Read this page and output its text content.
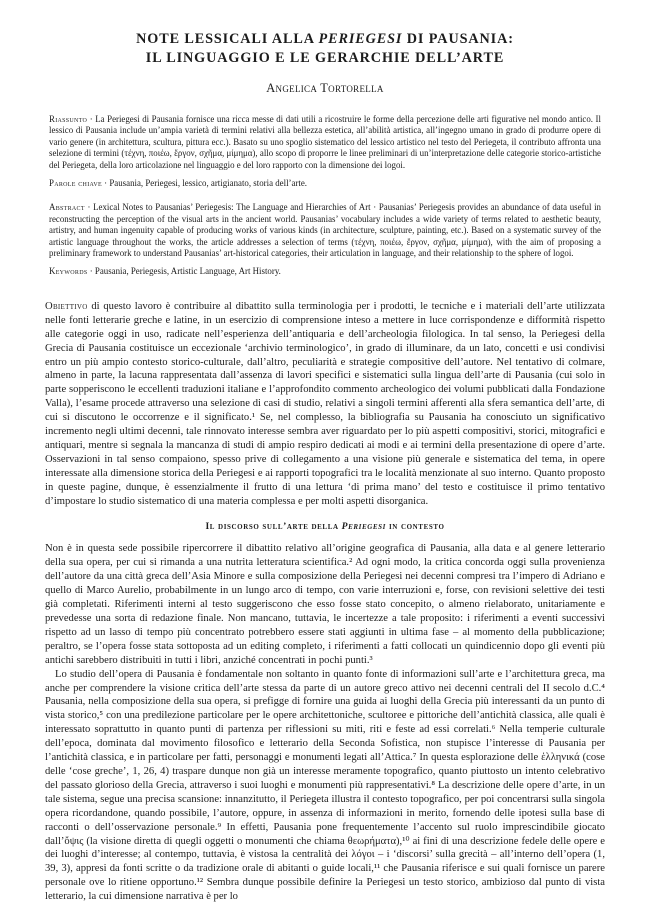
NOTE LESSICALI ALLA PERIEGESI DI PAUSANIA:
IL LINGUAGGIO E LE GERARCHIE DELL’ARTE
Angelica Tortorella

Riassunto · La Periegesi di Pausania fornisce una ricca messe di dati utili a ricostruire le forme della percezione delle arti figurative nel mondo antico. Il lessico di Pausania include un’ampia varietà di termini relativi alla bellezza estetica, all’abilità artistica, all’ingegno umano in grado di produrre opere di vario genere (in architettura, scultura, pittura ecc.). Basato su uno spoglio sistematico del lessico artistico nel testo del Periegeta, il contributo affronta una selezione di termini (τέχνη, ποιέω, ἔργον, σχῆμα, μίμημα), allo scopo di proporre le linee preliminari di un’interpretazione delle categorie storico-artistiche del Periegeta, della loro articolazione nel linguaggio e del loro rapporto con la dimensione dei logoi.

Parole chiave · Pausania, Periegesi, lessico, artigianato, storia dell’arte.

Abstract · Lexical Notes to Pausanias’ Periegesis: The Language and Hierarchies of Art · Pausanias’ Periegesis provides an abundance of data useful in reconstructing the perception of the visual arts in the ancient world. Pausanias’ vocabulary includes a wide variety of terms related to aesthetic beauty, artistry, and human ingenuity capable of producing works of various kinds (in architecture, sculpture, painting, etc.). Based on a systematic survey of the artistic language throughout the works, the article addresses a selection of terms (τέχνη, ποιέω, ἔργον, σχῆμα, μίμημα), with the aim of proposing a preliminary framework to understand Pausanias’ art-historical categories, their articulation in language, and their relationship to the sphere of logoi.

Keywords · Pausania, Periegesis, Artistic Language, Art History.

Obiettivo di questo lavoro è contribuire al dibattito sulla terminologia per i prodotti, le tecniche e i materiali dell’arte utilizzata nelle fonti letterarie greche e latine, in un esercizio di comprensione inteso a mettere in luce corrispondenze e difformità rispetto alle categorie oggi in uso, radicate nell’esperienza dell’antiquaria e dell’archeologia filologica. In tal senso, la Periegesi della Grecia di Pausania costituisce un eccezionale ‘archivio terminologico’, in grado di illuminare, da un lato, concetti e usi condivisi entro un più ampio contesto storico-culturale, dall’altro, peculiarità e strategie compositive dell’autore. Nel tentativo di colmare, almeno in parte, la lacuna rappresentata dall’assenza di lavori specifici e sistematici sulla lingua dell’arte di Pausania (cui solo in parte sopperiscono le eccellenti traduzioni italiane e l’approfondito commento archeologico dei volumi pubblicati dalla Fondazione Valla), l’esame procede attraverso una selezione di casi di studio, relativi a singoli termini afferenti alla sfera semantica dell’arte, di cui si discutono le occorrenze e il significato.¹ Se, nel complesso, la bibliografia su Pausania ha conosciuto un significativo incremento negli ultimi decenni, tale rinnovato interesse sembra aver riguardato per lo più aspetti compositivi, storici, mitografici e antiquari, mentre si segnala la mancanza di studi di ampio respiro dedicati ai modi e ai termini della presentazione di opere d’arte. Osservazioni in tal senso compaiono, spesso prive di collegamento a una visione più generale e sistematica del tema, in opere interessate alla dimensione storica della Periegesi e ai rapporti topografici tra le località menzionate al suo interno. Quanto proposto in queste pagine, dunque, è essenzialmente il frutto di una lettura ‘di prima mano’ del testo e costituisce il primo tentativo d’impostare lo studio sistematico di una materia complessa e per molti aspetti disorganica.

Il discorso sull’arte della Periegesi in contesto

Non è in questa sede possibile ripercorrere il dibattito relativo all’origine geografica di Pausania, alla data e al genere letterario della sua opera, per cui si rimanda a una nutrita letteratura scientifica.² Ad ogni modo, la critica concorda oggi sulla provenienza dell’autore da una città greca dell’Asia Minore e sulla composizione della Periegesi nei decenni compresi tra l’impero di Adriano e quello di Marco Aurelio, probabilmente in un lungo arco di tempo, con varie interruzioni e, forse, con revisioni selettive dei testi già completati. Riferimenti interni al testo suggeriscono che esso fosse stato concepito, o almeno rielaborato, unitariamente e prevedesse una sorta di redazione finale. Non mancano, tuttavia, le incertezze a tale proposito: i riferimenti a eventi successivi rispetto ad un lasso di tempo più concentrato potrebbero essere stati aggiunti in ultima fase – al momento della pubblicazione; peraltro, se l’opera fosse stata sottoposta ad un editing completo, i riferimenti a fatti collocati un quindicennio dopo gli eventi più antichi sarebbero distribuiti in tutti i libri, anziché concentrati in pochi punti.³

Lo studio dell’opera di Pausania è fondamentale non soltanto in quanto fonte di informazioni sull’arte e l’architettura greca, ma anche per comprendere la visione critica dell’arte stessa da parte di un autore greco attivo nei decenni centrali del II secolo d.C.⁴ Pausania, nella composizione della sua opera, si prefigge di fornire una guida ai luoghi della Grecia più interessanti da un punto di vista storico,⁵ con una predilezione particolare per le opere architettoniche, scultoree e pittoriche dell’antichità classica, alle quali è interessato soprattutto in quanto punti di partenza per riflessioni su miti, riti e feste ad essi correlati.⁶ Nella temperie culturale dell’epoca, dominata dal movimento filosofico e letterario della Seconda Sofistica, non stupisce l’interesse di Pausania per l’antichità classica, e in particolare per fatti, personaggi e monumenti legati all’Attica.⁷ In questa esplorazione delle ἑλληνικά (cose delle ‘cose greche’, 1, 26, 4) traspare dunque non già un interesse meramente topografico, quanto piuttosto un intento celebrativo del passato glorioso della Grecia, attraverso i suoi luoghi e monumenti più rappresentativi.⁸ La descrizione delle opere d’arte, in un tale sistema, segue una precisa scansione: innanzitutto, il Periegeta illustra il contesto topografico, per poi concentrarsi sulla singola opera ricordandone, quando possibile, l’autore, oppure, in assenza di informazioni in merito, fornendo delle ipotesi sulla base di racconti o dell’osservazione personale.⁹ In effetti, Pausania pone frequentemente l’accento sul ruolo imprescindibile giocato dall’ὄψις (la visione diretta di quegli oggetti o monumenti che chiama θεωρήματα),¹⁰ ai fini di una descrizione fedele delle opere e dei luoghi d’interesse; al contempo, tuttavia, è vistosa la centralità dei λόγοι – i ‘discorsi’ sulla grecità – all’interno dell’opera (1, 39, 3), appresi da fonti scritte o da tradizione orale di abitanti o guide locali,¹¹ che Pausania riferisce e sui quali fornisce un parere personale ove lo ritiene opportuno.¹² Sembra dunque possibile definire la Periegesi un testo storico, ambizioso dal punto di vista letterario, la cui dimensione narrativa è per lo
